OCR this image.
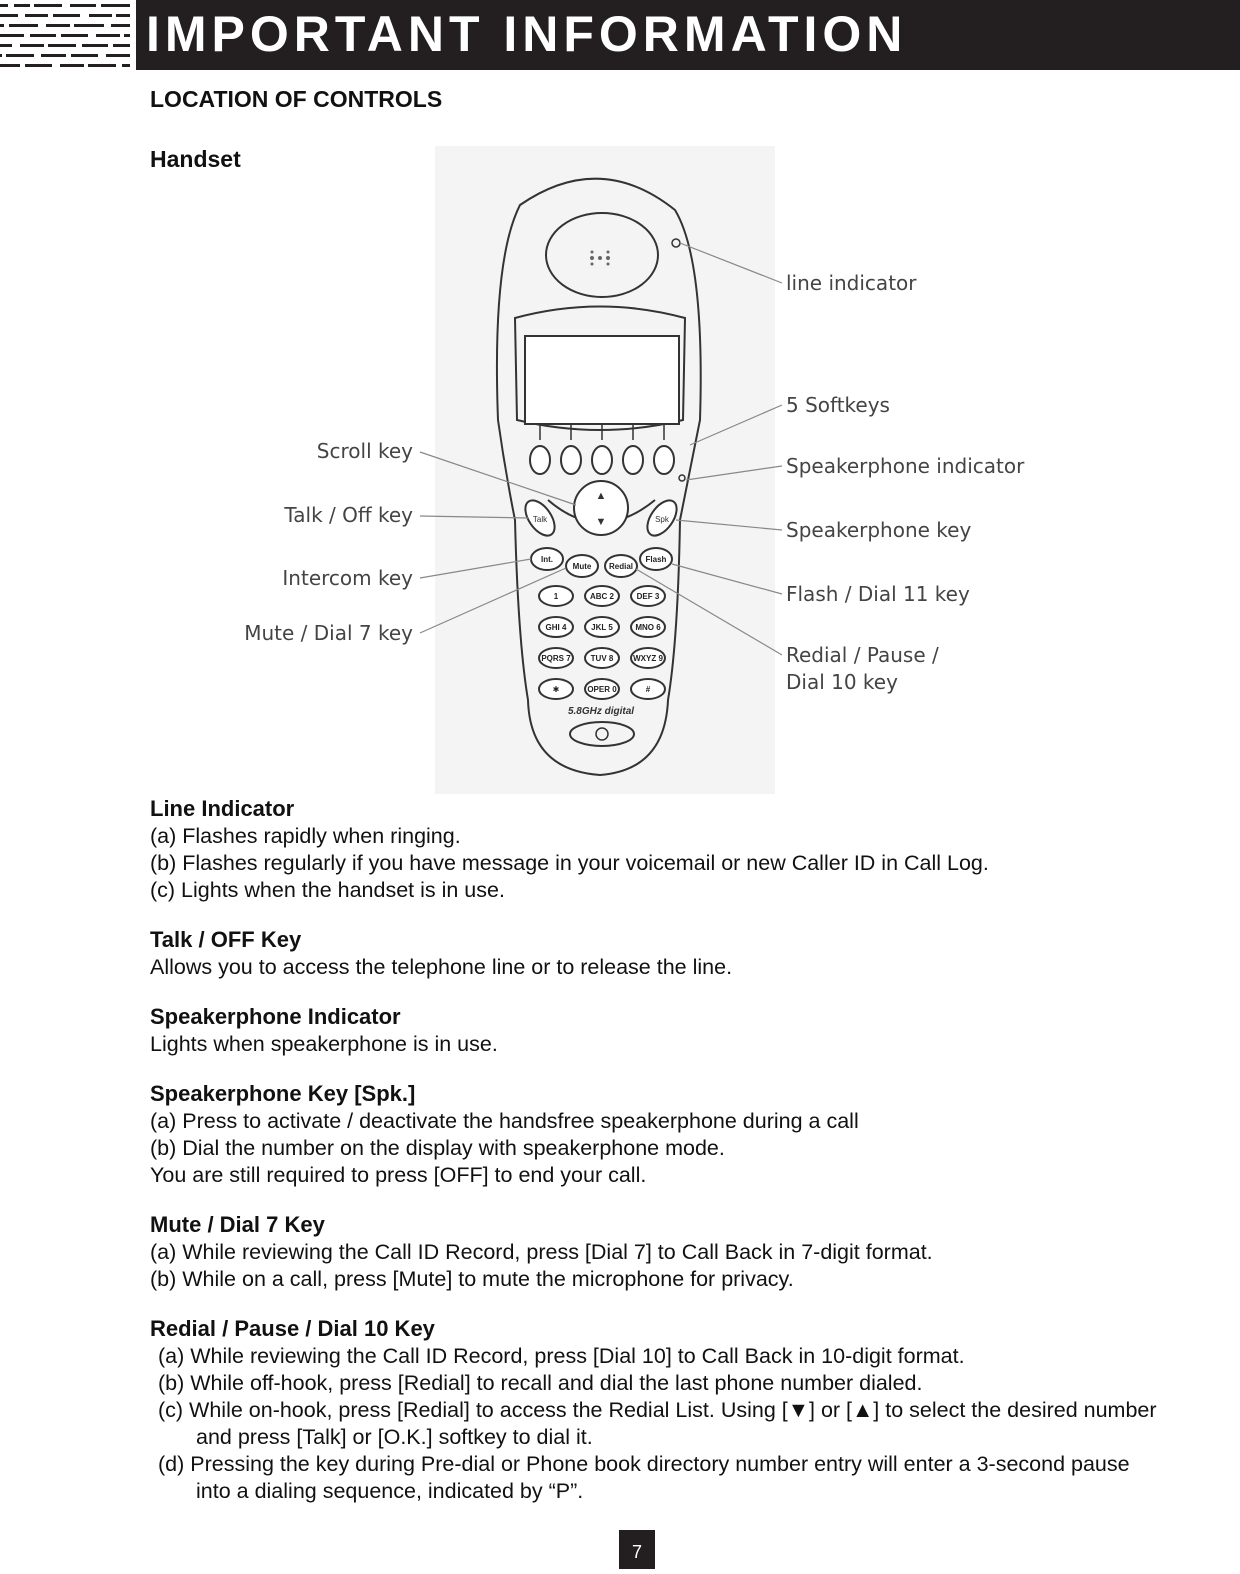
IMPORTANT INFORMATION
LOCATION OF CONTROLS
Handset
▲
▼
Talk	Spk
Int.
Mute Redial
Flash
1	ABC 2	DEF 3
GHI 4	JKL 5	MNO 6
PQRS 7 TUV 8 WXYZ 9
✱	OPER 0	#
5.8GHz digital
line indicator
5 Softkeys
Speakerphone indicator
Speakerphone key
Flash / Dial 11 key
Redial / Pause /
Dial 10 key
Scroll key
Talk / Off key
Intercom key
Mute / Dial 7 key
Line Indicator

(a) Flashes rapidly when ringing.

(b) Flashes regularly if you have message in your voicemail or new Caller ID in Call Log.

(c) Lights when the handset is in use.

Talk / OFF Key

Allows you to access the telephone line or to release the line.

Speakerphone Indicator

Lights when speakerphone is in use.

Speakerphone Key [Spk.]

(a) Press to activate / deactivate the handsfree speakerphone during a call

(b) Dial the number on the display with speakerphone mode.

You are still required to press [OFF] to end your call.

Mute / Dial 7 Key

(a) While reviewing the Call ID Record, press [Dial 7] to Call Back in 7-digit format.

(b) While on a call, press [Mute] to mute the microphone for privacy.

Redial / Pause / Dial 10 Key

(a) While reviewing the Call ID Record, press [Dial 10] to Call Back in 10-digit format.

(b) While off-hook, press [Redial] to recall and dial the last phone number dialed.

(c) While on-hook, press [Redial] to access the Redial List. Using [▼] or [▲] to select the desired number and press [Talk] or [O.K.] softkey to dial it.

(d) Pressing the key during Pre-dial or Phone book directory number entry will enter a 3-second pause into a dialing sequence, indicated by “P”.

7
